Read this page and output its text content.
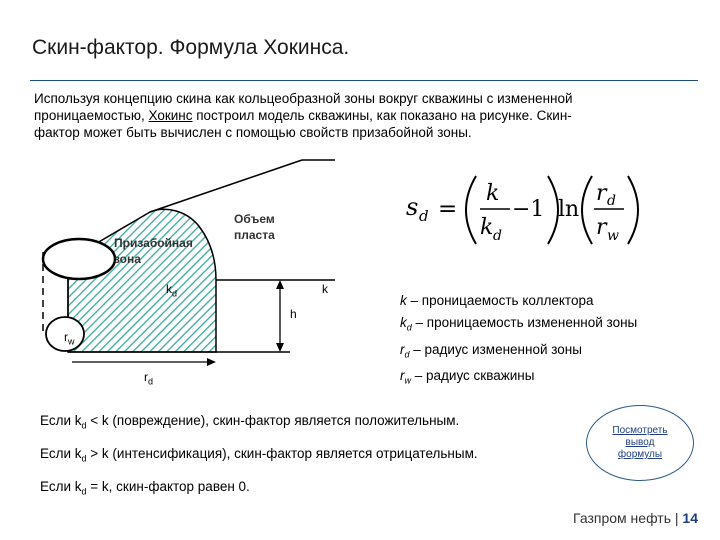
Скин-фактор. Формула Хокинса.
Используя концепцию скина как кольцеобразной зоны вокруг скважины с измененной
проницаемостью, Хокинс построил модель скважины, как показано на рисунке. Скин-
фактор может быть вычислен с помощью свойств призабойной зоны.
Призабойная
зона
Объем
пласта
$k_d$	k
h
$r_w$
$r_d$
s d =
k
k d
−1 ln
r d
r w
k – проницаемость коллектора
$k_d$ – проницаемость измененной зоны
$r_d$ – радиус измененной зоны
$r_w$ – радиус скважины
Если $k_d < k$ (повреждение), скин-фактор является положительным.
Если $k_d > k$ (интенсификация), скин-фактор является отрицательным.
Если $k_d = k$, скин-фактор равен 0.
Посмотреть вывод формулы
Газпром нефть | 14
